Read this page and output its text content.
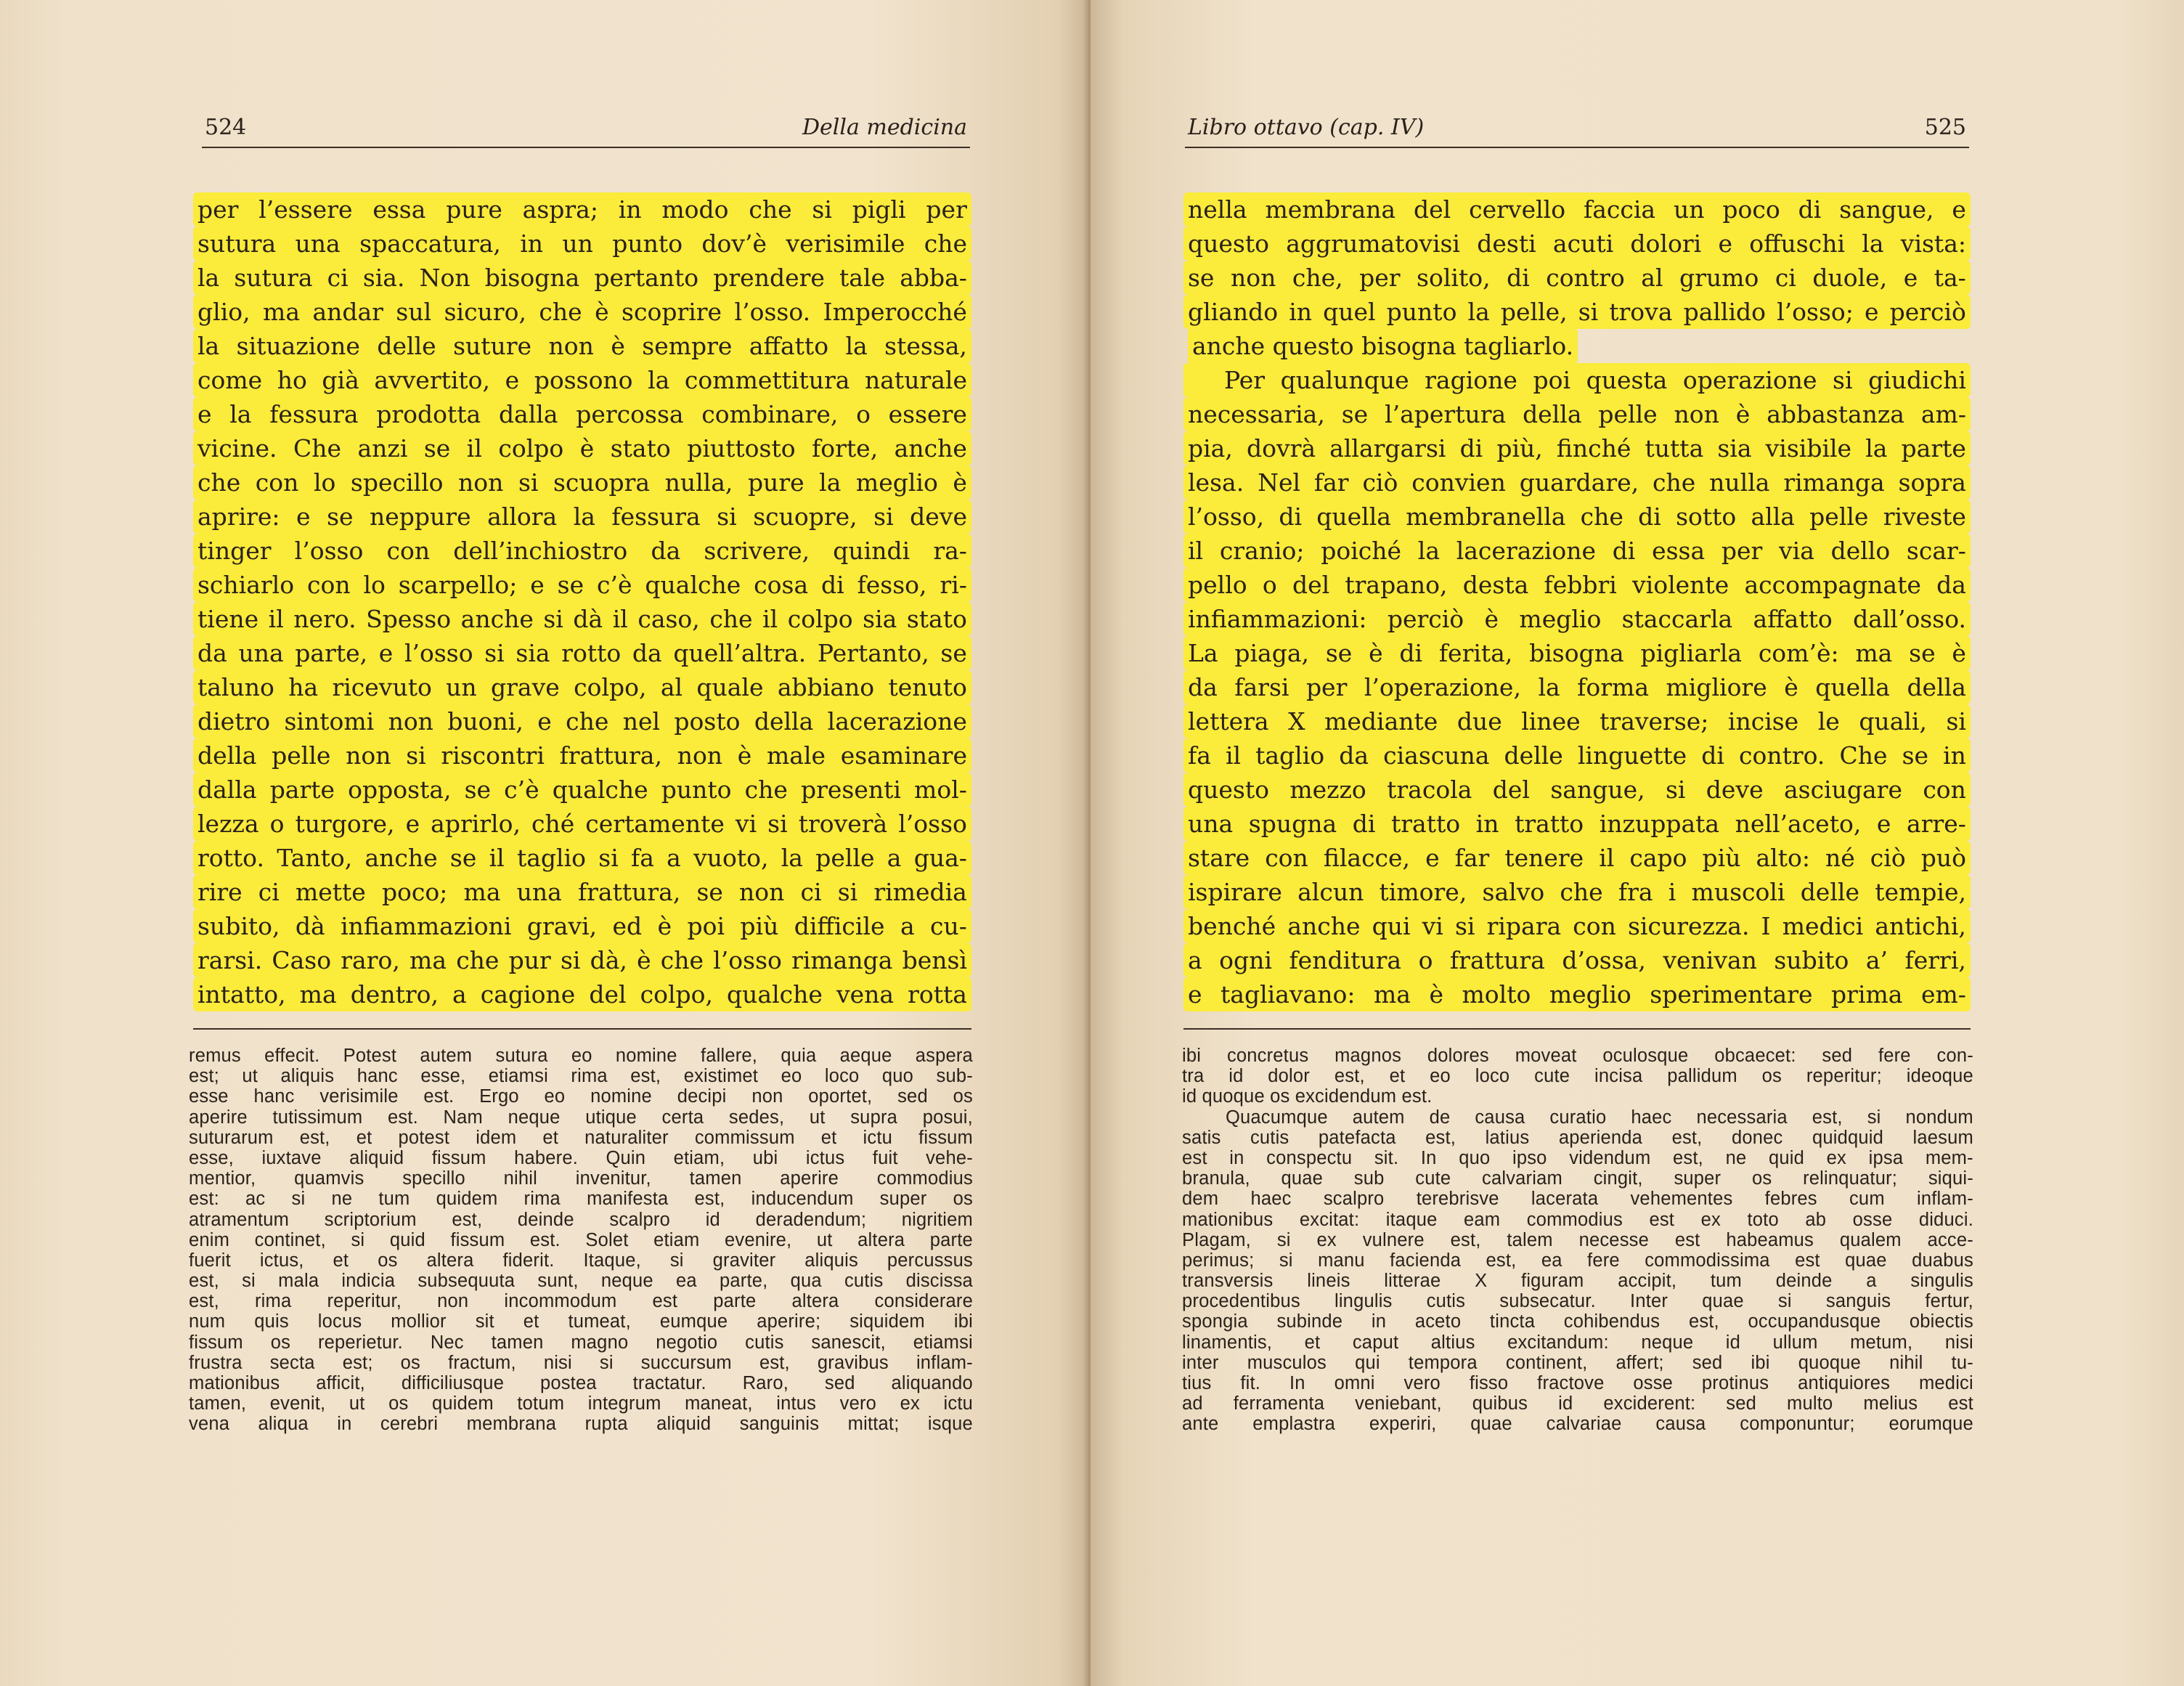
524	Della medicina
per l’essere essa pure aspra; in modo che si pigli per
sutura una spaccatura, in un punto dov’è verisimile che
la sutura ci sia. Non bisogna pertanto prendere tale abba-
glio, ma andar sul sicuro, che è scoprire l’osso. Imperocché
la situazione delle suture non è sempre affatto la stessa,
come ho già avvertito, e possono la commettitura naturale
e la fessura prodotta dalla percossa combinare, o essere
vicine. Che anzi se il colpo è stato piuttosto forte, anche
che con lo specillo non si scuopra nulla, pure la meglio è
aprire: e se neppure allora la fessura si scuopre, si deve
tinger l’osso con dell’inchiostro da scrivere, quindi ra-
schiarlo con lo scarpello; e se c’è qualche cosa di fesso, ri-
tiene il nero. Spesso anche si dà il caso, che il colpo sia stato
da una parte, e l’osso si sia rotto da quell’altra. Pertanto, se
taluno ha ricevuto un grave colpo, al quale abbiano tenuto
dietro sintomi non buoni, e che nel posto della lacerazione
della pelle non si riscontri frattura, non è male esaminare
dalla parte opposta, se c’è qualche punto che presenti mol-
lezza o turgore, e aprirlo, ché certamente vi si troverà l’osso
rotto. Tanto, anche se il taglio si fa a vuoto, la pelle a gua-
rire ci mette poco; ma una frattura, se non ci si rimedia
subito, dà infiammazioni gravi, ed è poi più difficile a cu-
rarsi. Caso raro, ma che pur si dà, è che l’osso rimanga bensì
intatto, ma dentro, a cagione del colpo, qualche vena rotta
remus effecit. Potest autem sutura eo nomine fallere, quia aeque aspera
est; ut aliquis hanc esse, etiamsi rima est, existimet eo loco quo sub-
esse hanc verisimile est. Ergo eo nomine decipi non oportet, sed os
aperire tutissimum est. Nam neque utique certa sedes, ut supra posui,
suturarum est, et potest idem et naturaliter commissum et ictu fissum
esse, iuxtave aliquid fissum habere. Quin etiam, ubi ictus fuit vehe-
mentior, quamvis specillo nihil invenitur, tamen aperire commodius
est: ac si ne tum quidem rima manifesta est, inducendum super os
atramentum scriptorium est, deinde scalpro id deradendum; nigritiem
enim continet, si quid fissum est. Solet etiam evenire, ut altera parte
fuerit ictus, et os altera fiderit. Itaque, si graviter aliquis percussus
est, si mala indicia subsequuta sunt, neque ea parte, qua cutis discissa
est, rima reperitur, non incommodum est parte altera considerare
num quis locus mollior sit et tumeat, eumque aperire; siquidem ibi
fissum os reperietur. Nec tamen magno negotio cutis sanescit, etiamsi
frustra secta est; os fractum, nisi si succursum est, gravibus inflam-
mationibus afficit, difficiliusque postea tractatur. Raro, sed aliquando
tamen, evenit, ut os quidem totum integrum maneat, intus vero ex ictu
vena aliqua in cerebri membrana rupta aliquid sanguinis mittat; isque
Libro ottavo (cap. IV)	525
nella membrana del cervello faccia un poco di sangue, e
questo aggrumatovisi desti acuti dolori e offuschi la vista:
se non che, per solito, di contro al grumo ci duole, e ta-
gliando in quel punto la pelle, si trova pallido l’osso; e perciò
anche questo bisogna tagliarlo.
Per qualunque ragione poi questa operazione si giudichi
necessaria, se l’apertura della pelle non è abbastanza am-
pia, dovrà allargarsi di più, finché tutta sia visibile la parte
lesa. Nel far ciò convien guardare, che nulla rimanga sopra
l’osso, di quella membranella che di sotto alla pelle riveste
il cranio; poiché la lacerazione di essa per via dello scar-
pello o del trapano, desta febbri violente accompagnate da
infiammazioni: perciò è meglio staccarla affatto dall’osso.
La piaga, se è di ferita, bisogna pigliarla com’è: ma se è
da farsi per l’operazione, la forma migliore è quella della
lettera X mediante due linee traverse; incise le quali, si
fa il taglio da ciascuna delle linguette di contro. Che se in
questo mezzo tracola del sangue, si deve asciugare con
una spugna di tratto in tratto inzuppata nell’aceto, e arre-
stare con filacce, e far tenere il capo più alto: né ciò può
ispirare alcun timore, salvo che fra i muscoli delle tempie,
benché anche qui vi si ripara con sicurezza. I medici antichi,
a ogni fenditura o frattura d’ossa, venivan subito a’ ferri,
e tagliavano: ma è molto meglio sperimentare prima em-
ibi concretus magnos dolores moveat oculosque obcaecet: sed fere con-
tra id dolor est, et eo loco cute incisa pallidum os reperitur; ideoque
id quoque os excidendum est.
Quacumque autem de causa curatio haec necessaria est, si nondum
satis cutis patefacta est, latius aperienda est, donec quidquid laesum
est in conspectu sit. In quo ipso videndum est, ne quid ex ipsa mem-
branula, quae sub cute calvariam cingit, super os relinquatur; siqui-
dem haec scalpro terebrisve lacerata vehementes febres cum inflam-
mationibus excitat: itaque eam commodius est ex toto ab osse diduci.
Plagam, si ex vulnere est, talem necesse est habeamus qualem acce-
perimus; si manu facienda est, ea fere commodissima est quae duabus
transversis lineis litterae X figuram accipit, tum deinde a singulis
procedentibus lingulis cutis subsecatur. Inter quae si sanguis fertur,
spongia subinde in aceto tincta cohibendus est, occupandusque obiectis
linamentis, et caput altius excitandum: neque id ullum metum, nisi
inter musculos qui tempora continent, affert; sed ibi quoque nihil tu-
tius fit. In omni vero fisso fractove osse protinus antiquiores medici
ad ferramenta veniebant, quibus id exciderent: sed multo melius est
ante emplastra experiri, quae calvariae causa componuntur; eorumque
